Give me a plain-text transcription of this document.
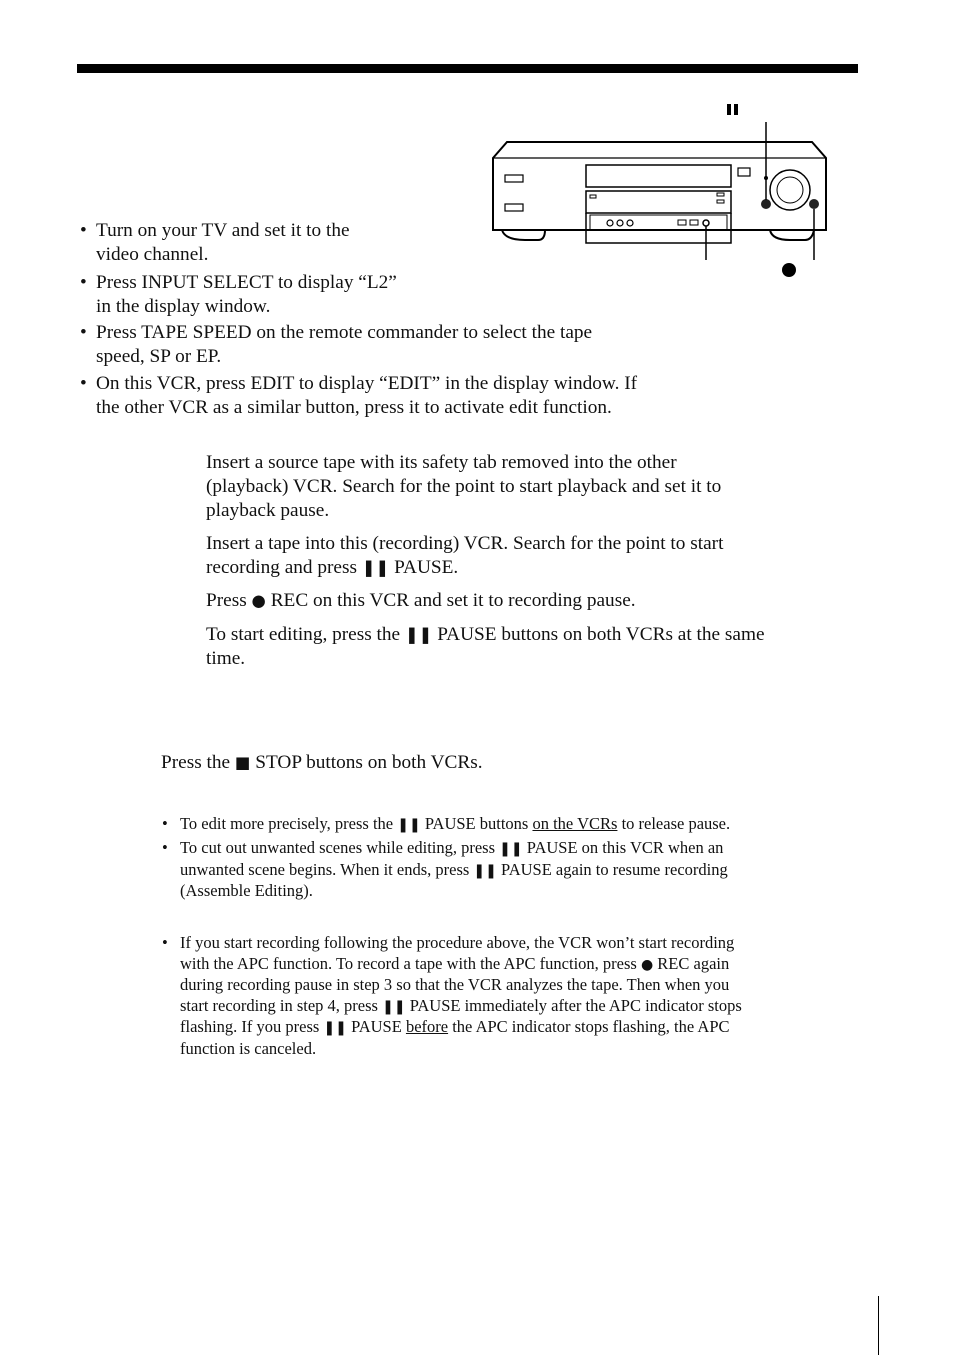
• Turn on your TV and set it to the
video channel.
• Press INPUT SELECT to display “L2”
in the display window.
• Press TAPE SPEED on the remote commander to select the tape
speed, SP or EP.
• On this VCR, press EDIT to display “EDIT” in the display window. If
the other VCR as a similar button, press it to activate edit function.
Insert a source tape with its safety tab removed into the other
(playback) VCR. Search for the point to start playback and set it to
playback pause.
Insert a tape into this (recording) VCR. Search for the point to start
recording and press ❚❚ PAUSE.
Press ● REC on this VCR and set it to recording pause.
To start editing, press the ❚❚ PAUSE buttons on both VCRs at the same
time.
Press the ■ STOP buttons on both VCRs.
• To edit more precisely, press the ❚❚ PAUSE buttons on the VCRs to release pause.
• To cut out unwanted scenes while editing, press ❚❚ PAUSE on this VCR when an
unwanted scene begins. When it ends, press ❚❚ PAUSE again to resume recording
(Assemble Editing).
• If you start recording following the procedure above, the VCR won’t start recording
with the APC function. To record a tape with the APC function, press ● REC again
during recording pause in step 3 so that the VCR analyzes the tape. Then when you
start recording in step 4, press ❚❚ PAUSE immediately after the APC indicator stops
flashing. If you press ❚❚ PAUSE before the APC indicator stops flashing, the APC
function is canceled.
